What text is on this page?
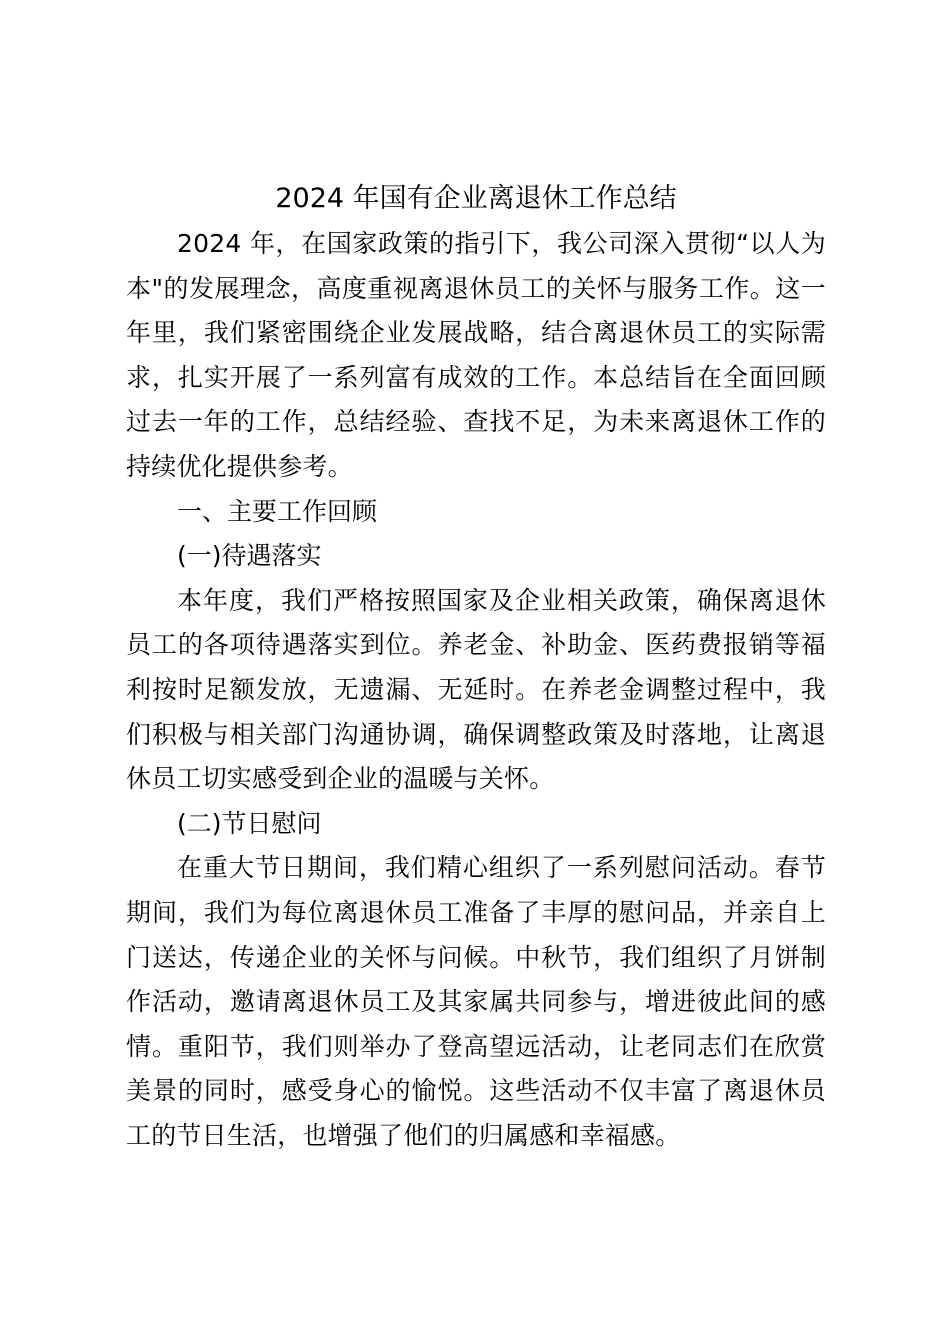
2024 年国有企业离退休工作总结

2024 年，在国家政策的指引下，我公司深入贯彻“以人为本"的发展理念，高度重视离退休员工的关怀与服务工作。这一年里，我们紧密围绕企业发展战略，结合离退休员工的实际需求，扎实开展了一系列富有成效的工作。本总结旨在全面回顾过去一年的工作，总结经验、查找不足，为未来离退休工作的持续优化提供参考。

一、主要工作回顾

(一)待遇落实

本年度，我们严格按照国家及企业相关政策，确保离退休员工的各项待遇落实到位。养老金、补助金、医药费报销等福利按时足额发放，无遗漏、无延时。在养老金调整过程中，我们积极与相关部门沟通协调，确保调整政策及时落地，让离退休员工切实感受到企业的温暖与关怀。

(二)节日慰问

在重大节日期间，我们精心组织了一系列慰问活动。春节期间，我们为每位离退休员工准备了丰厚的慰问品，并亲自上门送达，传递企业的关怀与问候。中秋节，我们组织了月饼制作活动，邀请离退休员工及其家属共同参与，增进彼此间的感情。重阳节，我们则举办了登高望远活动，让老同志们在欣赏美景的同时，感受身心的愉悦。这些活动不仅丰富了离退休员工的节日生活，也增强了他们的归属感和幸福感。
